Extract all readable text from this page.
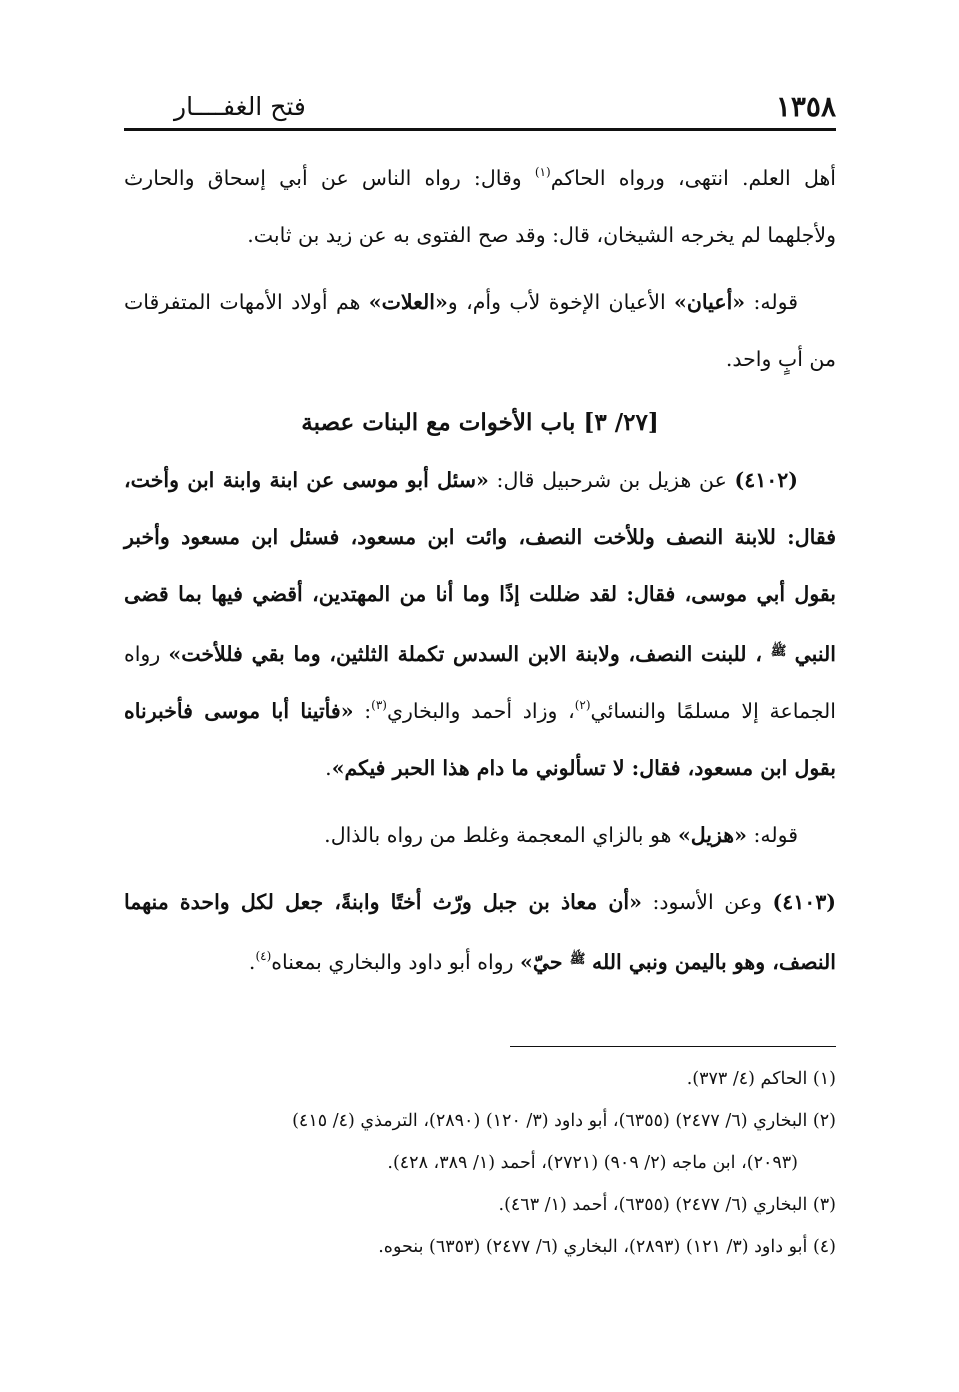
١٣٥٨
فتح الغفــــار

أهل العلم. انتهى، ورواه الحاكم$^{(١)}$ وقال: رواه الناس عن أبي إسحاق والحارث ولأجلهما لم يخرجه الشيخان، قال: وقد صح الفتوى به عن زيد بن ثابت.

قوله: «أعيان» الأعيان الإخوة لأب وأم، و«العلات» هم أولاد الأمهات المتفرقات من أبٍ واحد.

[٢٧/ ٣] باب الأخوات مع البنات عصبة

(٤١٠٢) عن هزيل بن شرحبيل قال: «سئل أبو موسى عن ابنة وابنة ابن وأخت، فقال: للابنة النصف وللأخت النصف، وائت ابن مسعود، فسئل ابن مسعود وأخبر بقول أبي موسى، فقال: لقد ضللت إذًا وما أنا من المهتدين، أقضي فيها بما قضى النبي $^ﷺ$ ، للبنت النصف، ولابنة الابن السدس تكملة الثلثين، وما بقي فللأخت» رواه الجماعة إلا مسلمًا والنسائي$^{(٢)}$، وزاد أحمد والبخاري$^{(٣)}$: «فأتينا أبا موسى فأخبرناه بقول ابن مسعود، فقال: لا تسألوني ما دام هذا الحبر فيكم».

قوله: «هزيل» هو بالزاي المعجمة وغلط من رواه بالذال.

(٤١٠٣) وعن الأسود: «أن معاذ بن جبل ورّث أختًا وابنةً، جعل لكل واحدة منهما النصف، وهو باليمن ونبي الله $^ﷺ$ حيّ» رواه أبو داود والبخاري بمعناه$^{(٤)}$.

(١) الحاكم (٤/ ٣٧٣).

(٢) البخاري (٦/ ٢٤٧٧) (٦٣٥٥)، أبو داود (٣/ ١٢٠) (٢٨٩٠)، الترمذي (٤/ ٤١٥)
(٢٠٩٣)، ابن ماجه (٢/ ٩٠٩) (٢٧٢١)، أحمد (١/ ٣٨٩، ٤٢٨).

(٣) البخاري (٦/ ٢٤٧٧) (٦٣٥٥)، أحمد (١/ ٤٦٣).

(٤) أبو داود (٣/ ١٢١) (٢٨٩٣)، البخاري (٦/ ٢٤٧٧) (٦٣٥٣) بنحوه.
